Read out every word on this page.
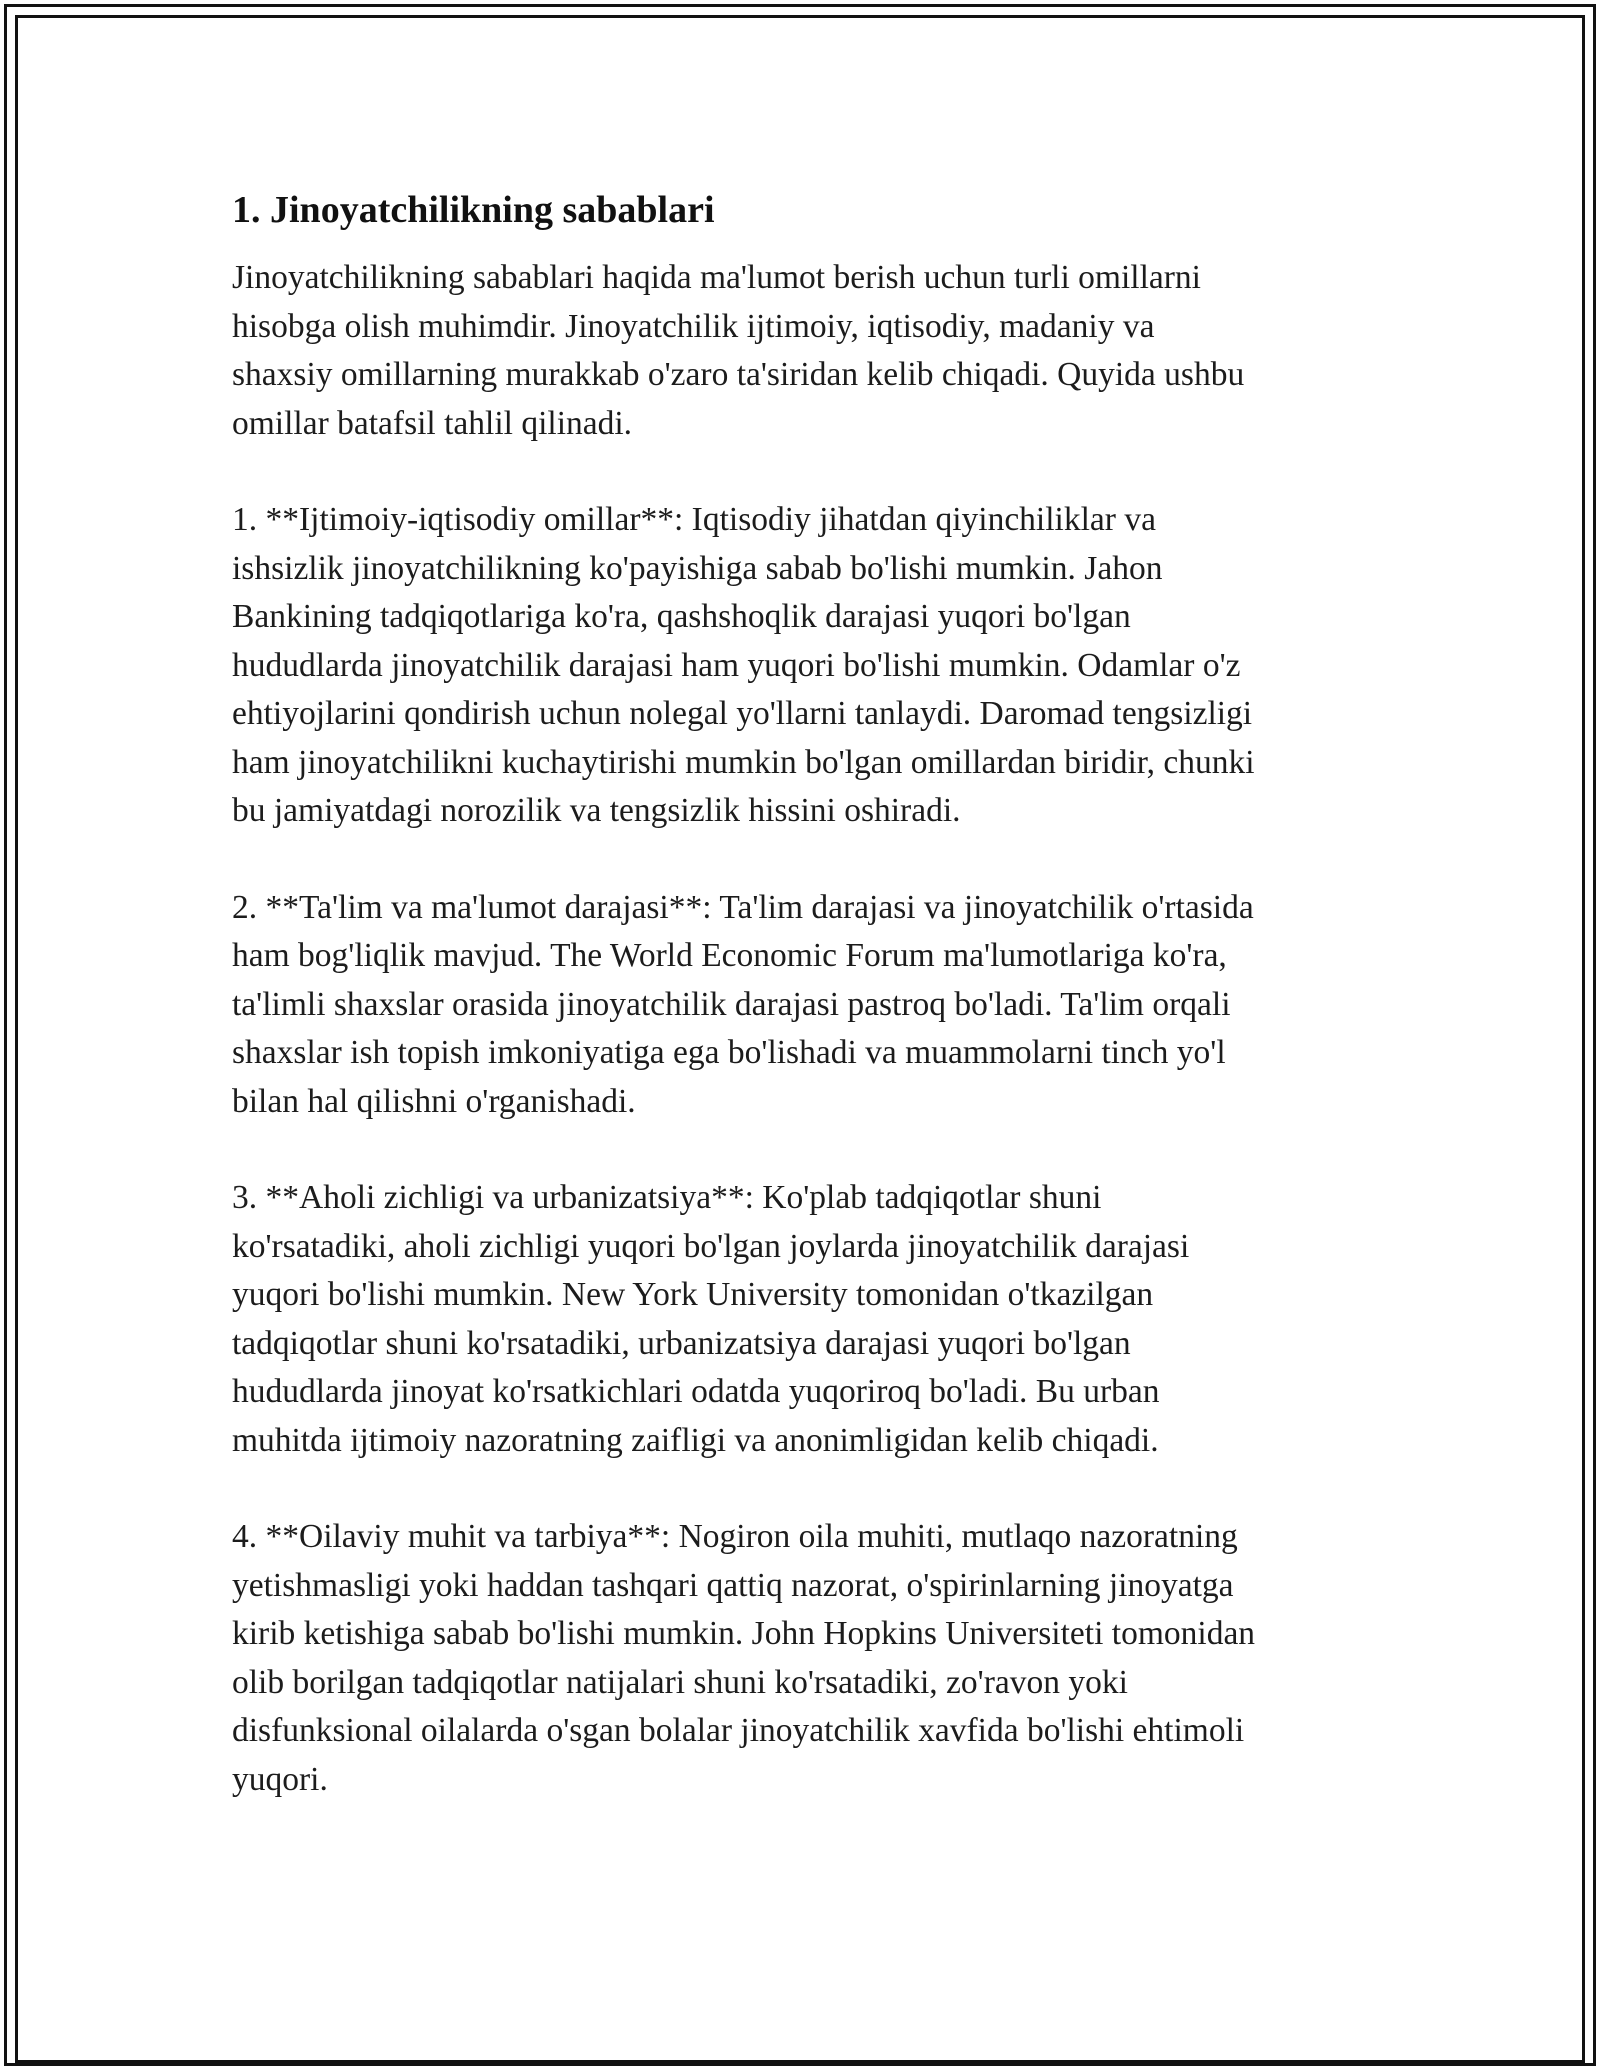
1. Jinoyatchilikning sabablari

Jinoyatchilikning sabablari haqida ma'lumot berish uchun turli omillarni
hisobga olish muhimdir. Jinoyatchilik ijtimoiy, iqtisodiy, madaniy va
shaxsiy omillarning murakkab o'zaro ta'siridan kelib chiqadi. Quyida ushbu
omillar batafsil tahlil qilinadi.

1. **Ijtimoiy-iqtisodiy omillar**: Iqtisodiy jihatdan qiyinchiliklar va
ishsizlik jinoyatchilikning ko'payishiga sabab bo'lishi mumkin. Jahon
Bankining tadqiqotlariga ko'ra, qashshoqlik darajasi yuqori bo'lgan
hududlarda jinoyatchilik darajasi ham yuqori bo'lishi mumkin. Odamlar o'z
ehtiyojlarini qondirish uchun nolegal yo'llarni tanlaydi. Daromad tengsizligi
ham jinoyatchilikni kuchaytirishi mumkin bo'lgan omillardan biridir, chunki
bu jamiyatdagi norozilik va tengsizlik hissini oshiradi.

2. **Ta'lim va ma'lumot darajasi**: Ta'lim darajasi va jinoyatchilik o'rtasida
ham bog'liqlik mavjud. The World Economic Forum ma'lumotlariga ko'ra,
ta'limli shaxslar orasida jinoyatchilik darajasi pastroq bo'ladi. Ta'lim orqali
shaxslar ish topish imkoniyatiga ega bo'lishadi va muammolarni tinch yo'l
bilan hal qilishni o'rganishadi.

3. **Aholi zichligi va urbanizatsiya**: Ko'plab tadqiqotlar shuni
ko'rsatadiki, aholi zichligi yuqori bo'lgan joylarda jinoyatchilik darajasi
yuqori bo'lishi mumkin. New York University tomonidan o'tkazilgan
tadqiqotlar shuni ko'rsatadiki, urbanizatsiya darajasi yuqori bo'lgan
hududlarda jinoyat ko'rsatkichlari odatda yuqoriroq bo'ladi. Bu urban
muhitda ijtimoiy nazoratning zaifligi va anonimligidan kelib chiqadi.

4. **Oilaviy muhit va tarbiya**: Nogiron oila muhiti, mutlaqo nazoratning
yetishmasligi yoki haddan tashqari qattiq nazorat, o'spirinlarning jinoyatga
kirib ketishiga sabab bo'lishi mumkin. John Hopkins Universiteti tomonidan
olib borilgan tadqiqotlar natijalari shuni ko'rsatadiki, zo'ravon yoki
disfunksional oilalarda o'sgan bolalar jinoyatchilik xavfida bo'lishi ehtimoli
yuqori.
